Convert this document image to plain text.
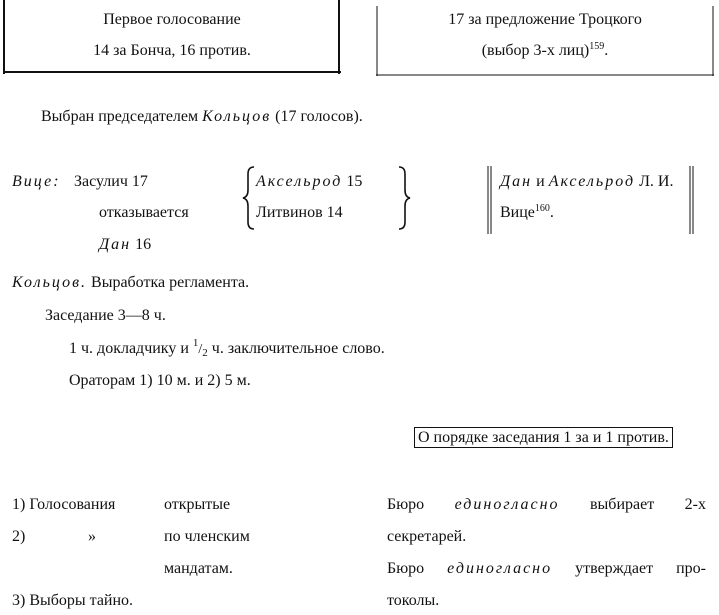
Первое голосование
14 за Бонча, 16 против.
17 за предложение Троцкого
(выбор 3-х лиц)$^{159}$.
Выбран председателем Кольцов (17 голосов).
Вице: Засулич 17
отказывается
Дан 16
Аксельрод 15
Литвинов 14
Дан и Аксельрод Л. И.
Вице$^{160}$.
Кольцов. Выработка регламента.
Заседание 3—8 ч.
1 ч. докладчику и $^1$/2 ч. заключительное слово.
Ораторам 1) 10 м. и 2) 5 м.
О порядке заседания 1 за и 1 против.
1) Голосования	открытые
2)	»	по членским
мандатам.
3) Выборы тайно.
Бюро единогласно выбирает 2-х
секретарей.
Бюро единогласно утверждает про-
токолы.
